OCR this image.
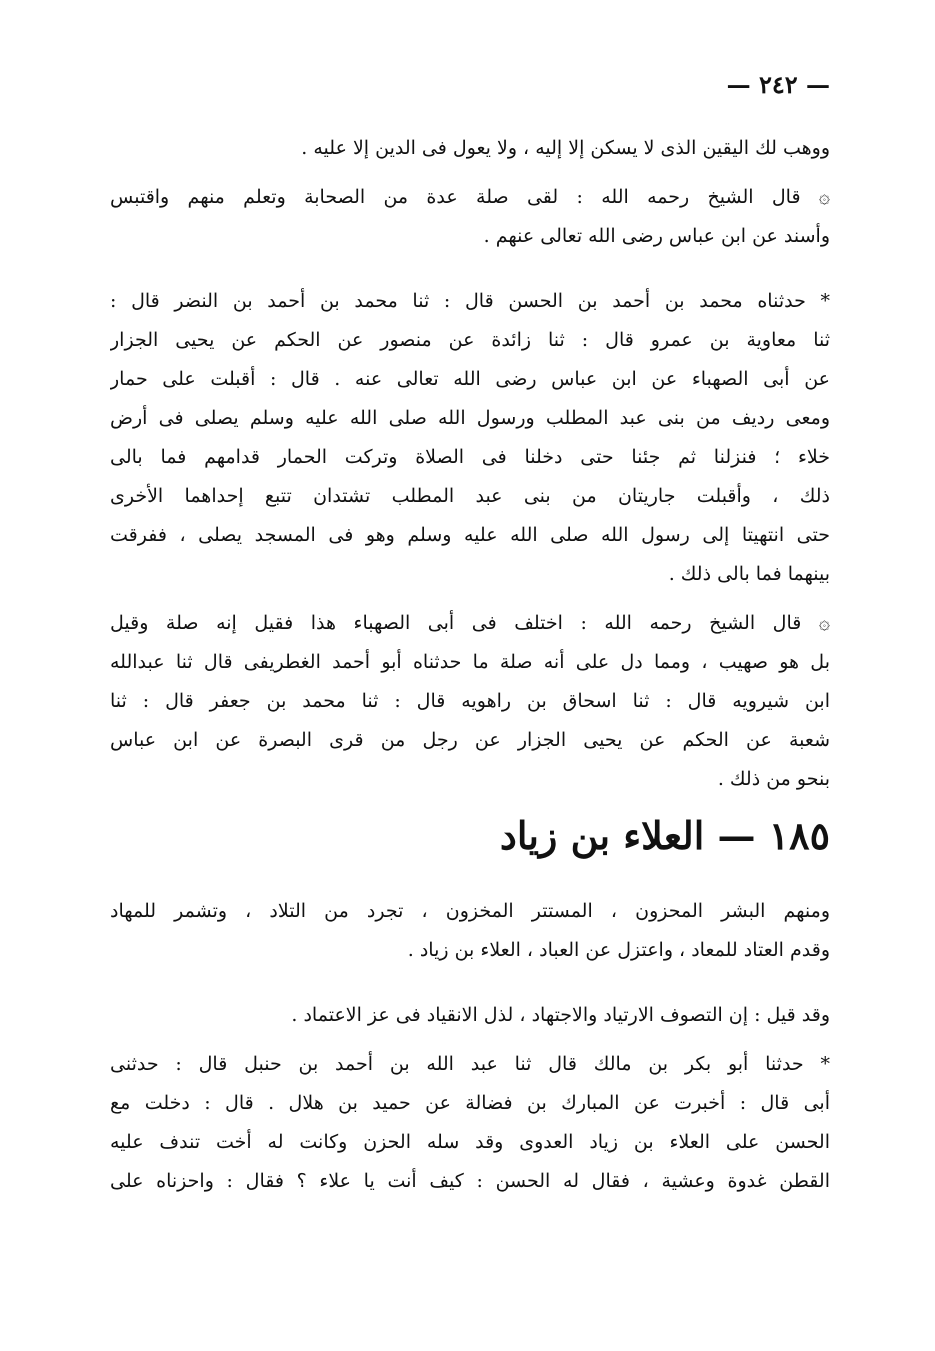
— ٢٤٢ —
ووهب لك اليقين الذى لا يسكن إلا إليه ، ولا يعول فى الدين إلا عليه .
۞ قال الشيخ رحمه الله : لقى صلة عدة من الصحابة وتعلم منهم واقتبس
وأسند عن ابن عباس رضى الله تعالى عنهم .
* حدثناه محمد بن أحمد بن الحسن قال : ثنا محمد بن أحمد بن النضر قال :
ثنا معاوية بن عمرو قال : ثنا زائدة عن منصور عن الحكم عن يحيى الجزار
عن أبى الصهباء عن ابن عباس رضى الله تعالى عنه . قال : أقبلت على حمار
ومعى رديف من بنى عبد المطلب ورسول الله صلى الله عليه وسلم يصلى فى أرض
خلاء ؛ فنزلنا ثم جئنا حتى دخلنا فى الصلاة وتركت الحمار قدامهم فما بالى
ذلك ، وأقبلت جاريتان من بنى عبد المطلب تشتدان تتبع إحداهما الأخرى
حتى انتهيتا إلى رسول الله صلى الله عليه وسلم وهو فى المسجد يصلى ، ففرقت
بينهما فما بالى ذلك .
۞ قال الشيخ رحمه الله : اختلف فى أبى الصهباء هذا فقيل إنه صلة وقيل
بل هو صهيب ، ومما دل على أنه صلة ما حدثناه أبو أحمد الغطريفى قال ثنا عبدالله
ابن شيرويه قال : ثنا اسحاق بن راهويه قال : ثنا محمد بن جعفر قال : ثنا
شعبة عن الحكم عن يحيى الجزار عن رجل من قرى البصرة عن ابن عباس
بنحو من ذلك .
١٨٥ — العلاء بن زياد
ومنهم البشر المحزون ، المستتر المخزون ، تجرد من التلاد ، وتشمر للمهاد
وقدم العتاد للمعاد ، واعتزل عن العباد ، العلاء بن زياد .
وقد قيل : إن التصوف الارتياد والاجتهاد ، لذل الانقياد فى عز الاعتماد .
* حدثنا أبو بكر بن مالك قال ثنا عبد الله بن أحمد بن حنبل قال : حدثنى
أبى قال : أخبرت عن المبارك بن فضالة عن حميد بن هلال . قال : دخلت مع
الحسن على العلاء بن زياد العدوى وقد سله الحزن وكانت له أخت تندف عليه
القطن غدوة وعشية ، فقال له الحسن : كيف أنت يا علاء ؟ فقال : واحزناه على
